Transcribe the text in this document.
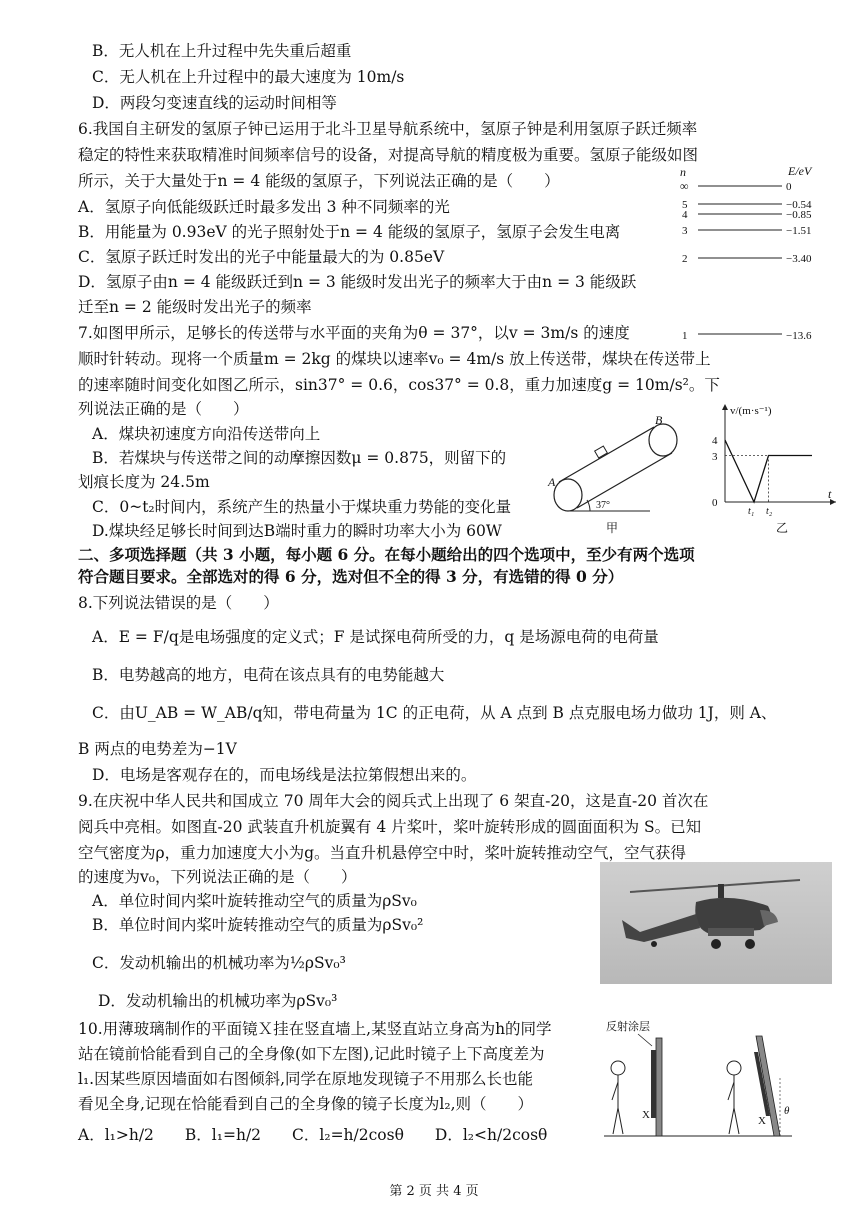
B．无人机在上升过程中先失重后超重
C．无人机在上升过程中的最大速度为 10m/s
D．两段匀变速直线的运动时间相等
6.我国自主研发的氢原子钟已运用于北斗卫星导航系统中，氢原子钟是利用氢原子跃迁频率
稳定的特性来获取精准时间频率信号的设备，对提高导航的精度极为重要。氢原子能级如图
所示，关于大量处于n = 4 能级的氢原子，下列说法正确的是（　　）
A．氢原子向低能级跃迁时最多发出 3 种不同频率的光
B．用能量为 0.93eV 的光子照射处于n = 4 能级的氢原子，氢原子会发生电离
C．氢原子跃迁时发出的光子中能量最大的为 0.85eV
D．氢原子由n = 4 能级跃迁到n = 3 能级时发出光子的频率大于由n = 3 能级跃
迁至n = 2 能级时发出光子的频率
7.如图甲所示，足够长的传送带与水平面的夹角为θ = 37°，以v = 3m/s 的速度
顺时针转动。现将一个质量m = 2kg 的煤块以速率v₀ = 4m/s 放上传送带，煤块在传送带上
的速率随时间变化如图乙所示，sin37° = 0.6，cos37° = 0.8，重力加速度g = 10m/s²。下
列说法正确的是（　　）
A．煤块初速度方向沿传送带向上
B．若煤块与传送带之间的动摩擦因数μ = 0.875，则留下的
划痕长度为 24.5m
C．0~t₂时间内，系统产生的热量小于煤块重力势能的变化量
D.煤块经足够长时间到达B端时重力的瞬时功率大小为 60W
二、多项选择题（共 3 小题，每小题 6 分。在每小题给出的四个选项中，至少有两个选项
符合题目要求。全部选对的得 6 分，选对但不全的得 3 分，有选错的得 0 分）
8.下列说法错误的是（　　）
A．E = F/q是电场强度的定义式；F 是试探电荷所受的力，q 是场源电荷的电荷量
B．电势越高的地方，电荷在该点具有的电势能越大
C．由U_AB = W_AB/q知，带电荷量为 1C 的正电荷，从 A 点到 B 点克服电场力做功 1J，则 A、
B 两点的电势差为−1V
D．电场是客观存在的，而电场线是法拉第假想出来的。
9.在庆祝中华人民共和国成立 70 周年大会的阅兵式上出现了 6 架直-20，这是直-20 首次在
阅兵中亮相。如图直-20 武装直升机旋翼有 4 片桨叶，桨叶旋转形成的圆面面积为 S。已知
空气密度为ρ，重力加速度大小为g。当直升机悬停空中时，桨叶旋转推动空气，空气获得
的速度为v₀，下列说法正确的是（　　）
A．单位时间内桨叶旋转推动空气的质量为ρSv₀
B．单位时间内桨叶旋转推动空气的质量为ρSv₀²
C．发动机输出的机械功率为½ρSv₀³
D．发动机输出的机械功率为ρSv₀³
10.用薄玻璃制作的平面镜Ｘ挂在竖直墙上,某竖直站立身高为h的同学
站在镜前恰能看到自己的全身像(如下左图),记此时镜子上下高度差为
l₁.因某些原因墙面如右图倾斜,同学在原地发现镜子不用那么长也能
看见全身,记现在恰能看到自己的全身像的镜子长度为l₂,则（　　）
A．l₁>h/2　　B．l₁=h/2　　C．l₂=h/2cosθ　　D．l₂<h/2cosθ
n	E/eV
∞	0
5	−0.54
4	−0.85
3	−1.51
2	−3.40
1	−13.6
A
B
37°
甲
v/(m·s⁻¹)
t
4
3
0
t₁ t₂
乙
反射涂层
X	X
θ
第 2 页 共 4 页
